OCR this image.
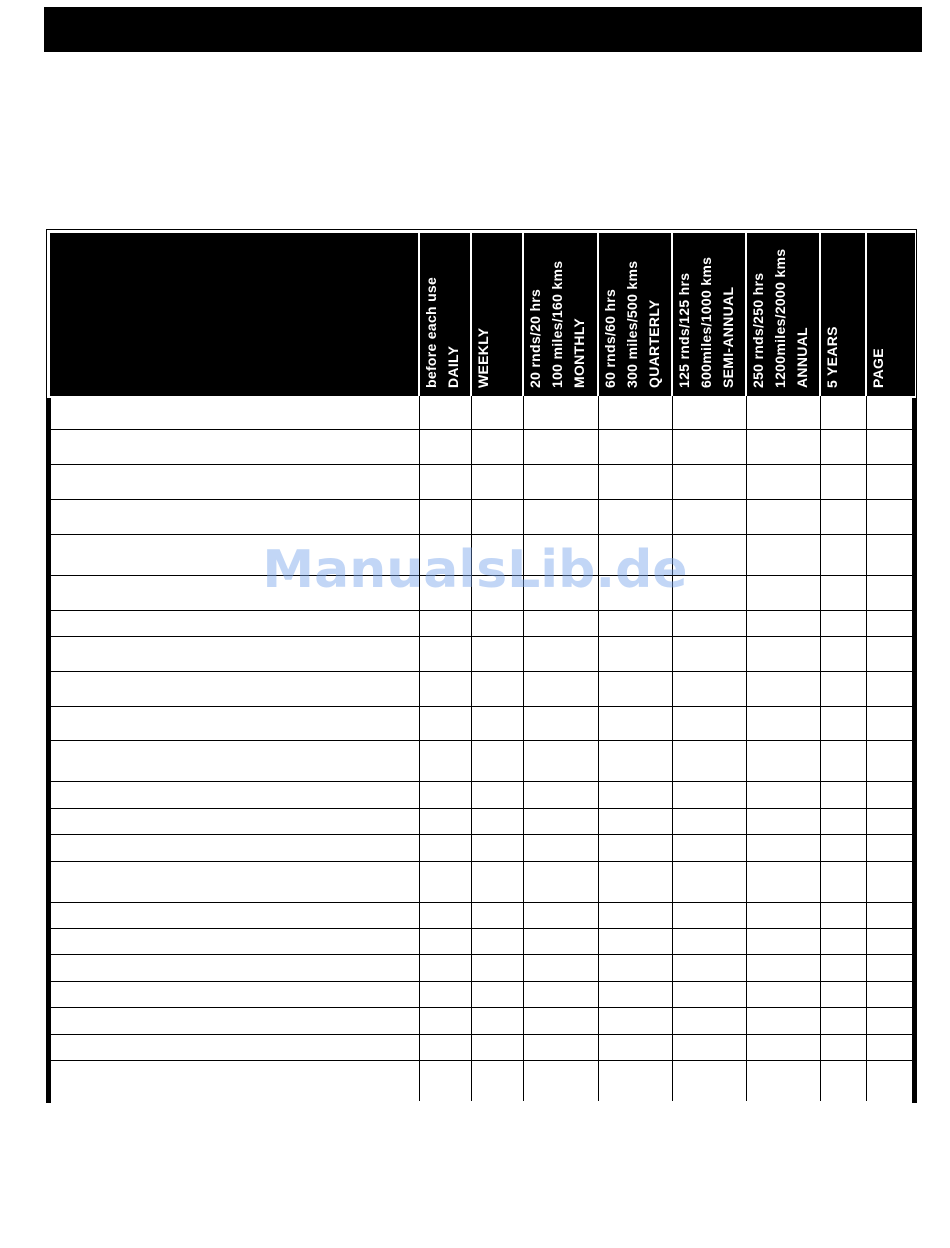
	before each use DAILY	WEEKLY	20 rnds/20 hrs 100 miles/160 kms MONTHLY	60 rnds/60 hrs 300 miles/500 kms QUARTERLY	125 rnds/125 hrs 600miles/1000 kms SEMI-ANNUAL	250 rnds/250 hrs 1200miles/2000 kms ANNUAL	5 YEARS	PAGE

ManualsLib.de
